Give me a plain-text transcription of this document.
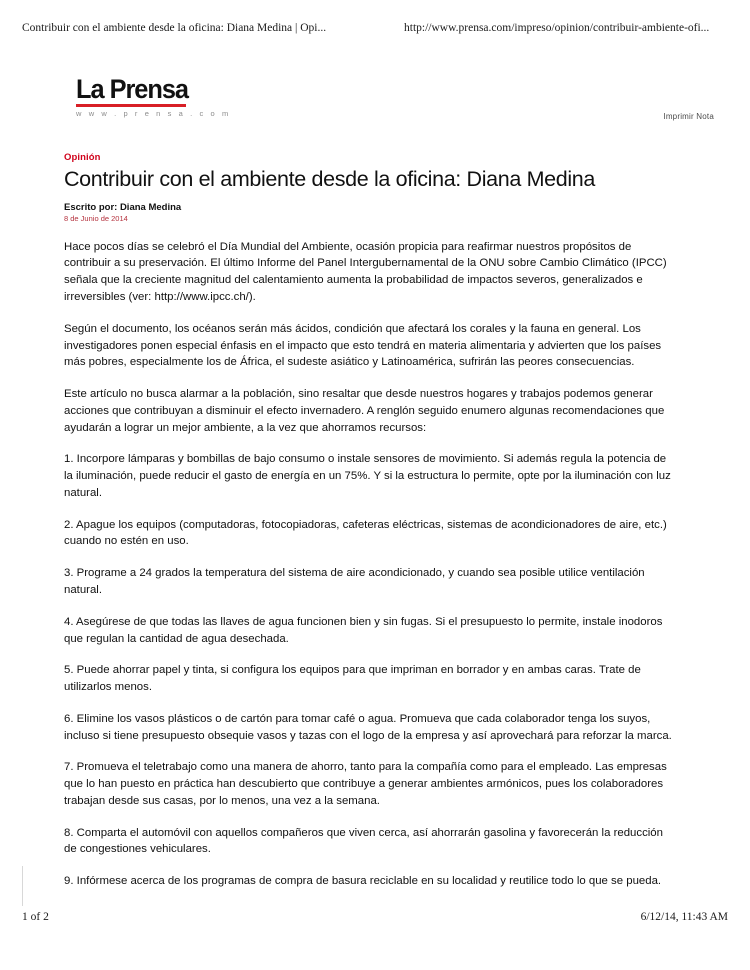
Contribuir con el ambiente desde la oficina: Diana Medina | Opi...	http://www.prensa.com/impreso/opinion/contribuir-ambiente-ofi...
La Prensa
w w w . p r e n s a . c o m	Imprimir Nota
Opinión
Contribuir con el ambiente desde la oficina: Diana Medina
Escrito por: Diana Medina
8 de Junio de 2014

Hace pocos días se celebró el Día Mundial del Ambiente, ocasión propicia para reafirmar nuestros propósitos de contribuir a su preservación. El último Informe del Panel Intergubernamental de la ONU sobre Cambio Climático (IPCC) señala que la creciente magnitud del calentamiento aumenta la probabilidad de impactos severos, generalizados e irreversibles (ver: http://www.ipcc.ch/).

Según el documento, los océanos serán más ácidos, condición que afectará los corales y la fauna en general. Los investigadores ponen especial énfasis en el impacto que esto tendrá en materia alimentaria y advierten que los países más pobres, especialmente los de África, el sudeste asiático y Latinoamérica, sufrirán las peores consecuencias.

Este artículo no busca alarmar a la población, sino resaltar que desde nuestros hogares y trabajos podemos generar acciones que contribuyan a disminuir el efecto invernadero. A renglón seguido enumero algunas recomendaciones que ayudarán a lograr un mejor ambiente, a la vez que ahorramos recursos:

1. Incorpore lámparas y bombillas de bajo consumo o instale sensores de movimiento. Si además regula la potencia de la iluminación, puede reducir el gasto de energía en un 75%. Y si la estructura lo permite, opte por la iluminación con luz natural.

2. Apague los equipos (computadoras, fotocopiadoras, cafeteras eléctricas, sistemas de acondicionadores de aire, etc.) cuando no estén en uso.

3. Programe a 24 grados la temperatura del sistema de aire acondicionado, y cuando sea posible utilice ventilación natural.

4. Asegúrese de que todas las llaves de agua funcionen bien y sin fugas. Si el presupuesto lo permite, instale inodoros que regulan la cantidad de agua desechada.

5. Puede ahorrar papel y tinta, si configura los equipos para que impriman en borrador y en ambas caras. Trate de utilizarlos menos.

6. Elimine los vasos plásticos o de cartón para tomar café o agua. Promueva que cada colaborador tenga los suyos, incluso si tiene presupuesto obsequie vasos y tazas con el logo de la empresa y así aprovechará para reforzar la marca.

7. Promueva el teletrabajo como una manera de ahorro, tanto para la compañía como para el empleado. Las empresas que lo han puesto en práctica han descubierto que contribuye a generar ambientes armónicos, pues los colaboradores trabajan desde sus casas, por lo menos, una vez a la semana.

8. Comparta el automóvil con aquellos compañeros que viven cerca, así ahorrarán gasolina y favorecerán la reducción de congestiones vehiculares.

9. Infórmese acerca de los programas de compra de basura reciclable en su localidad y reutilice todo lo que se pueda.

1 of 2	6/12/14, 11:43 AM
